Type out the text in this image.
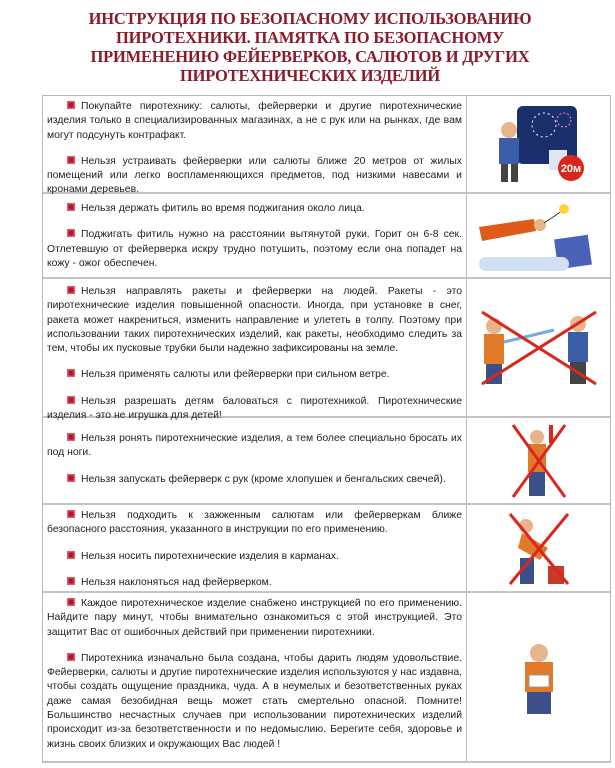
ИНСТРУКЦИЯ ПО БЕЗОПАСНОМУ ИСПОЛЬЗОВАНИЮ ПИРОТЕХНИКИ. ПАМЯТКА ПО БЕЗОПАСНОМУ ПРИМЕНЕНИЮ ФЕЙЕРВЕРКОВ, САЛЮТОВ И ДРУГИХ ПИРОТЕХНИЧЕСКИХ ИЗДЕЛИЙ

Покупайте пиротехнику: салюты, фейерверки и другие пиротехнические изделия только в специализированных магазинах, а не с рук или на рынках, где вам могут подсунуть контрафакт.

Нельзя устраивать фейерверки или салюты ближе 20 метров от жилых помещений или легко воспламеняющихся предметов, под низкими навесами и кронами деревьев.

20м

Нельзя держать фитиль во время поджигания около лица.

Поджигать фитиль нужно на расстоянии вытянутой руки. Горит он 6-8 сек. Отлетевшую от фейерверка искру трудно потушить, поэтому если она попадет на кожу - ожог обеспечен.

Нельзя направлять ракеты и фейерверки на людей. Ракеты - это пиротехнические изделия повышенной опасности. Иногда, при установке в снег, ракета может накрениться, изменить направление и улететь в толпу. Поэтому при использовании таких пиротехнических изделий, как ракеты, необходимо следить за тем, чтобы их пусковые трубки были надежно зафиксированы на земле.

Нельзя применять салюты или фейерверки при сильном ветре.

Нельзя разрешать детям баловаться с пиротехникой. Пиротехнические изделия - это не игрушка для детей!

Нельзя ронять пиротехнические изделия, а тем более специально бросать их под ноги.

Нельзя запускать фейерверк с рук (кроме хлопушек и бенгальских свечей).

Нельзя подходить к зажженным салютам или фейерверкам ближе безопасного расстояния, указанного в инструкции по его применению.

Нельзя носить пиротехнические изделия в карманах.

Нельзя наклоняться над фейерверком.

Каждое пиротехническое изделие снабжено инструкцией по его применению. Найдите пару минут, чтобы внимательно ознакомиться с этой инструкцией. Это защитит Вас от ошибочных действий при применении пиротехники.

Пиротехника изначально была создана, чтобы дарить людям удовольствие. Фейерверки, салюты и другие пиротехнические изделия используются у нас издавна, чтобы создать ощущение праздника, чуда. А в неумелых и безответственных руках даже самая безобидная вещь может стать смертельно опасной. Помните! Большинство несчастных случаев при использовании пиротехнических изделий происходит из-за безответственности и по недомыслию. Берегите себя, здоровье и жизнь своих близких и окружающих Вас людей !
